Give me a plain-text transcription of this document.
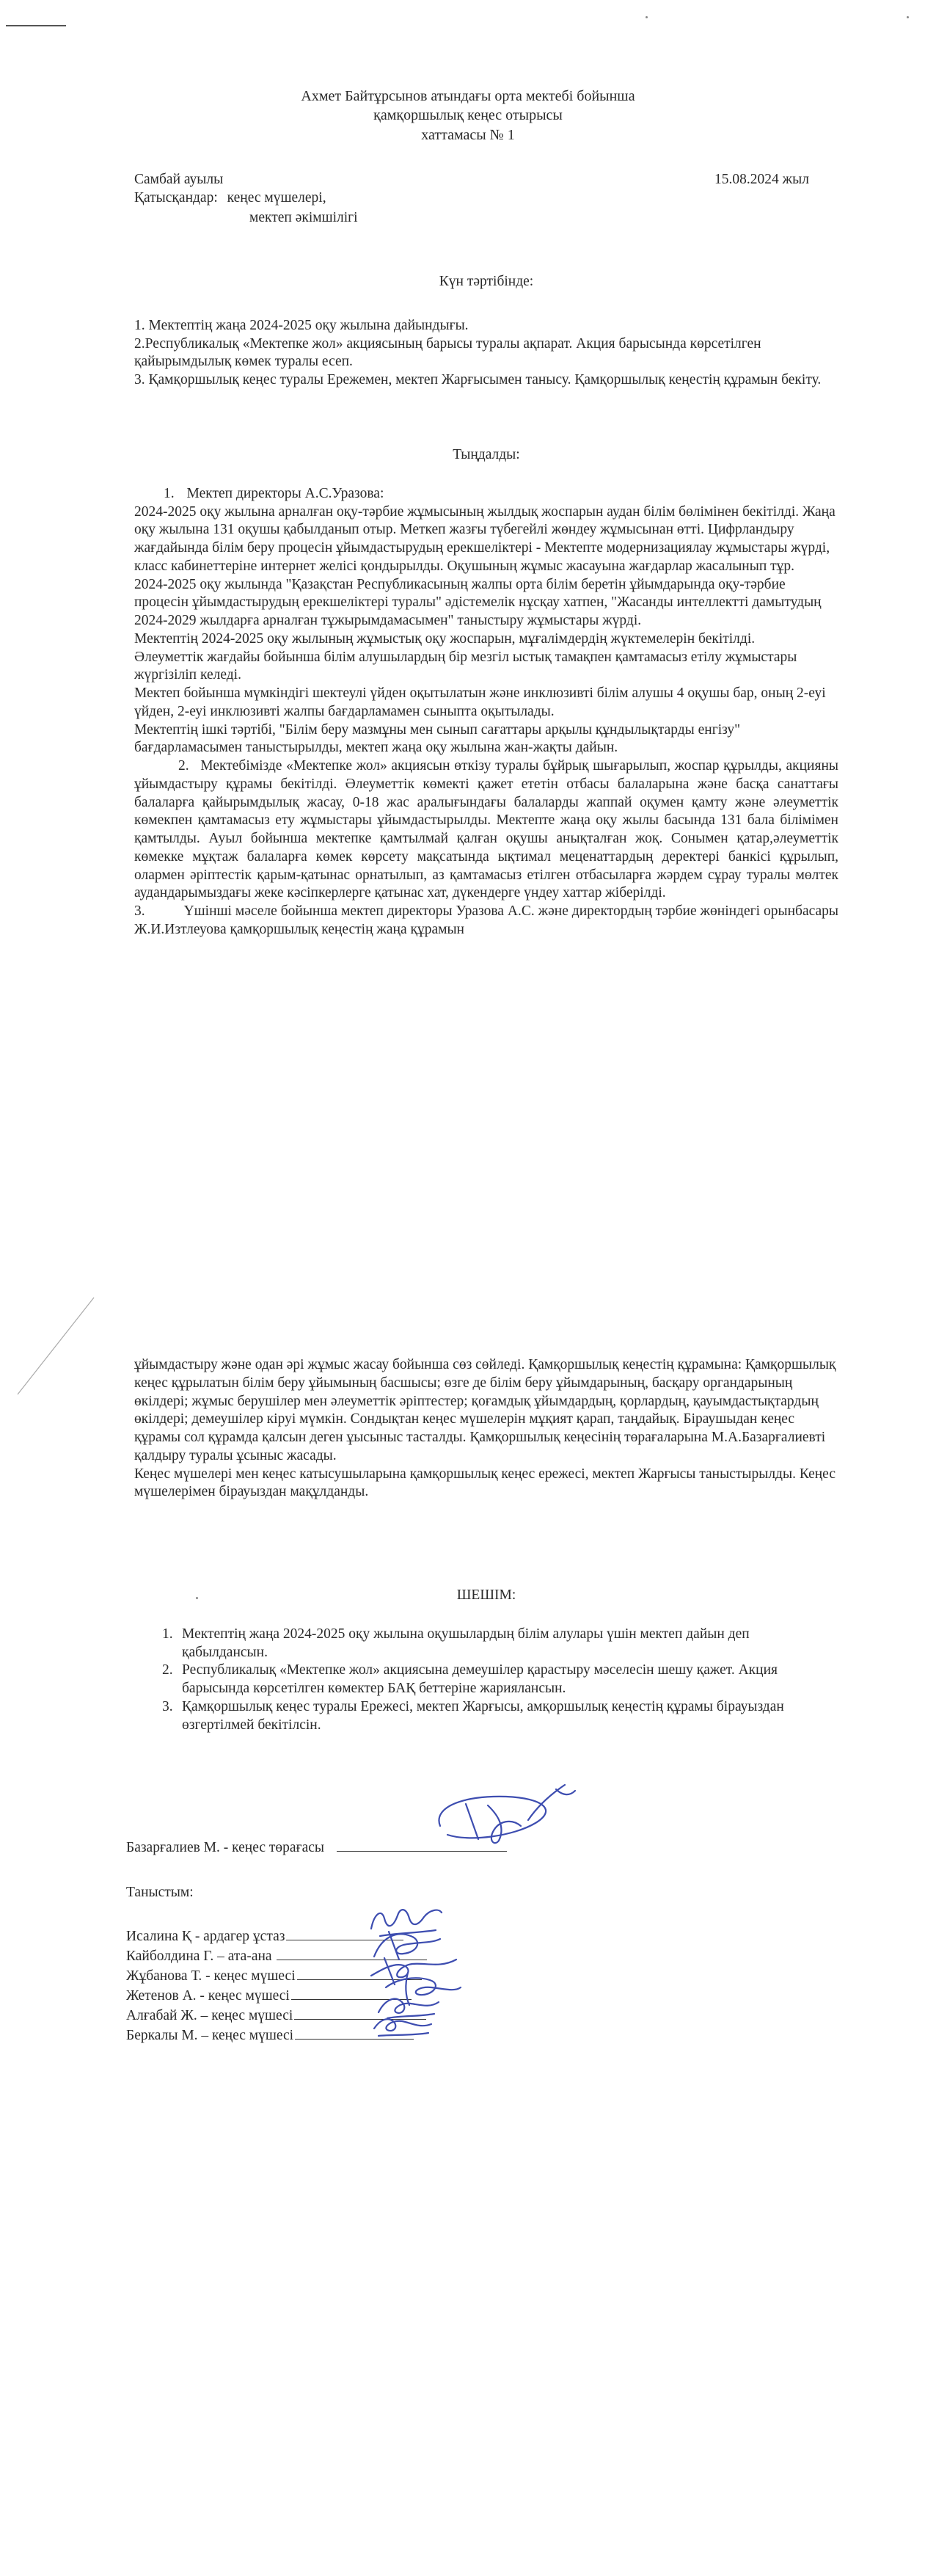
Ахмет Байтұрсынов атындағы орта мектебі бойынша
қамқоршылық кеңес отырысы
хаттамасы № 1
Самбай ауылы	15.08.2024 жыл
Қатысқандар: кеңес мүшелері,
мектеп әкімшілігі
Күн тәртібінде:

1. Мектептің жаңа 2024-2025 оқу жылына дайындығы.

2.Республикалық «Мектепке жол» акциясының барысы туралы ақпарат. Акция барысында көрсетілген қайырымдылық көмек туралы есеп.

3. Қамқоршылық кеңес туралы Ережемен, мектеп Жарғысымен танысу. Қамқоршылық кеңестің құрамын бекіту.

Тыңдалды:
1. Мектеп директоры А.С.Уразова:

2024-2025 оқу жылына арналған оқу-тәрбие жұмысының жылдық жоспарын аудан білім бөлімінен бекітілді. Жаңа оқу жылына 131 оқушы қабылданып отыр. Меткеп жазғы түбегейлі жөндеу жұмысынан өтті. Цифрландыру жағдайында білім беру процесін ұйымдастырудың ерекшеліктері - Мектепте модернизациялау жұмыстары жүрді, класс кабинеттеріне интернет желісі қондырылды. Оқушының жұмыс жасауына жағдарлар жасалынып тұр.

2024-2025 оқу жылында "Қазақстан Республикасының жалпы орта білім беретін ұйымдарында оқу-тәрбие процесін ұйымдастырудың ерекшеліктері туралы" әдістемелік нұсқау хатпен, "Жасанды интеллектті дамытудың 2024-2029 жылдарға арналған тұжырымдамасымен" таныстыру жұмыстары жүрді.

Мектептің 2024-2025 оқу жылының жұмыстық оқу жоспарын, мұғалімдердің жүктемелерін бекітілді.

Әлеуметтік жағдайы бойынша білім алушылардың бір мезгіл ыстық тамақпен қамтамасыз етілу жұмыстары жүргізіліп келеді.

Мектеп бойынша мүмкіндігі шектеулі үйден оқытылатын және инклюзивті білім алушы 4 оқушы бар, оның 2-еуі үйден, 2-еуі инклюзивті жалпы бағдарламамен сыныпта оқытылады.

Мектептің ішкі тәртібі, "Білім беру мазмұны мен сынып сағаттары арқылы құндылықтарды енгізу" бағдарламасымен таныстырылды, мектеп жаңа оқу жылына жан-жақты дайын.

2. Мектебімізде «Мектепке жол» акциясын өткізу туралы бұйрық шығарылып, жоспар құрылды, акцияны ұйымдастыру құрамы бекітілді. Әлеуметтік көмекті қажет ететін отбасы балаларына және басқа санаттағы балаларға қайырымдылық жасау, 0-18 жас аралығындағы балаларды жаппай оқумен қамту және әлеуметтік көмекпен қамтамасыз ету жұмыстары ұйымдастырылды. Мектепте жаңа оқу жылы басында 131 бала білімімен қамтылды. Ауыл бойынша мектепке қамтылмай қалған оқушы анықталған жоқ. Сонымен қатар,әлеуметтік көмекке мұқтаж балаларға көмек көрсету мақсатында ықтимал меценаттардың деректері банкісі құрылып, олармен әріптестік қарым-қатынас орнатылып, аз қамтамасыз етілген отбасыларға жәрдем сұрау туралы мөлтек аудандарымыздағы жеке кәсіпкерлерге қатынас хат, дүкендерге үндеу хаттар жіберілді.

3.	Үшінші мәселе бойынша мектеп директоры Уразова А.С. және директордың тәрбие жөніндегі орынбасары Ж.И.Изтлеуова қамқоршылық кеңестің жаңа құрамын

ұйымдастыру және одан әрі жұмыс жасау бойынша сөз сөйледі. Қамқоршылық кеңестің құрамына: Қамқоршылық кеңес құрылатын білім беру ұйымының басшысы; өзге де білім беру ұйымдарының, басқару органдарының өкілдері; жұмыс берушілер мен әлеуметтік әріптестер; қоғамдық ұйымдардың, қорлардың, қауымдастықтардың өкілдері; демеушілер кіруі мүмкін. Сондықтан кеңес мүшелерін мұқият қарап, таңдайық. Біраушыдан кеңес құрамы сол құрамда қалсын деген ұысыныс тасталды. Қамқоршылық кеңесінің төрағаларына М.А.Базарғалиевті қалдыру туралы ұсыныс жасады.

Кеңес мүшелері мен кеңес катысушыларына қамқоршылық кеңес ережесі, мектеп Жарғысы таныстырылды. Кеңес мүшелерімен бірауыздан мақұлданды.

ШЕШІМ:
1. Мектептің жаңа 2024-2025 оқу жылына оқушылардың білім алулары үшін мектеп дайын деп қабылдансын.
2. Республикалық «Мектепке жол» акциясына демеушілер қарастыру мәселесін шешу қажет. Акция барысында көрсетілген көмектер БАҚ беттеріне жариялансын.
3. Қамқоршылық кеңес туралы Ережесі, мектеп Жарғысы, амқоршылық кеңестің құрамы бірауыздан өзгертілмей бекітілсін.
Базарғалиев М. - кеңес төрағасы
Таныстым:
Исалина Қ - ардагер ұстаз
Кайболдина Г. – ата-ана
Жұбанова Т. - кеңес мүшесі
Жетенов А. - кеңес мүшесі
Алғабай Ж. – кеңес мүшесі
Беркалы М. – кеңес мүшесі
